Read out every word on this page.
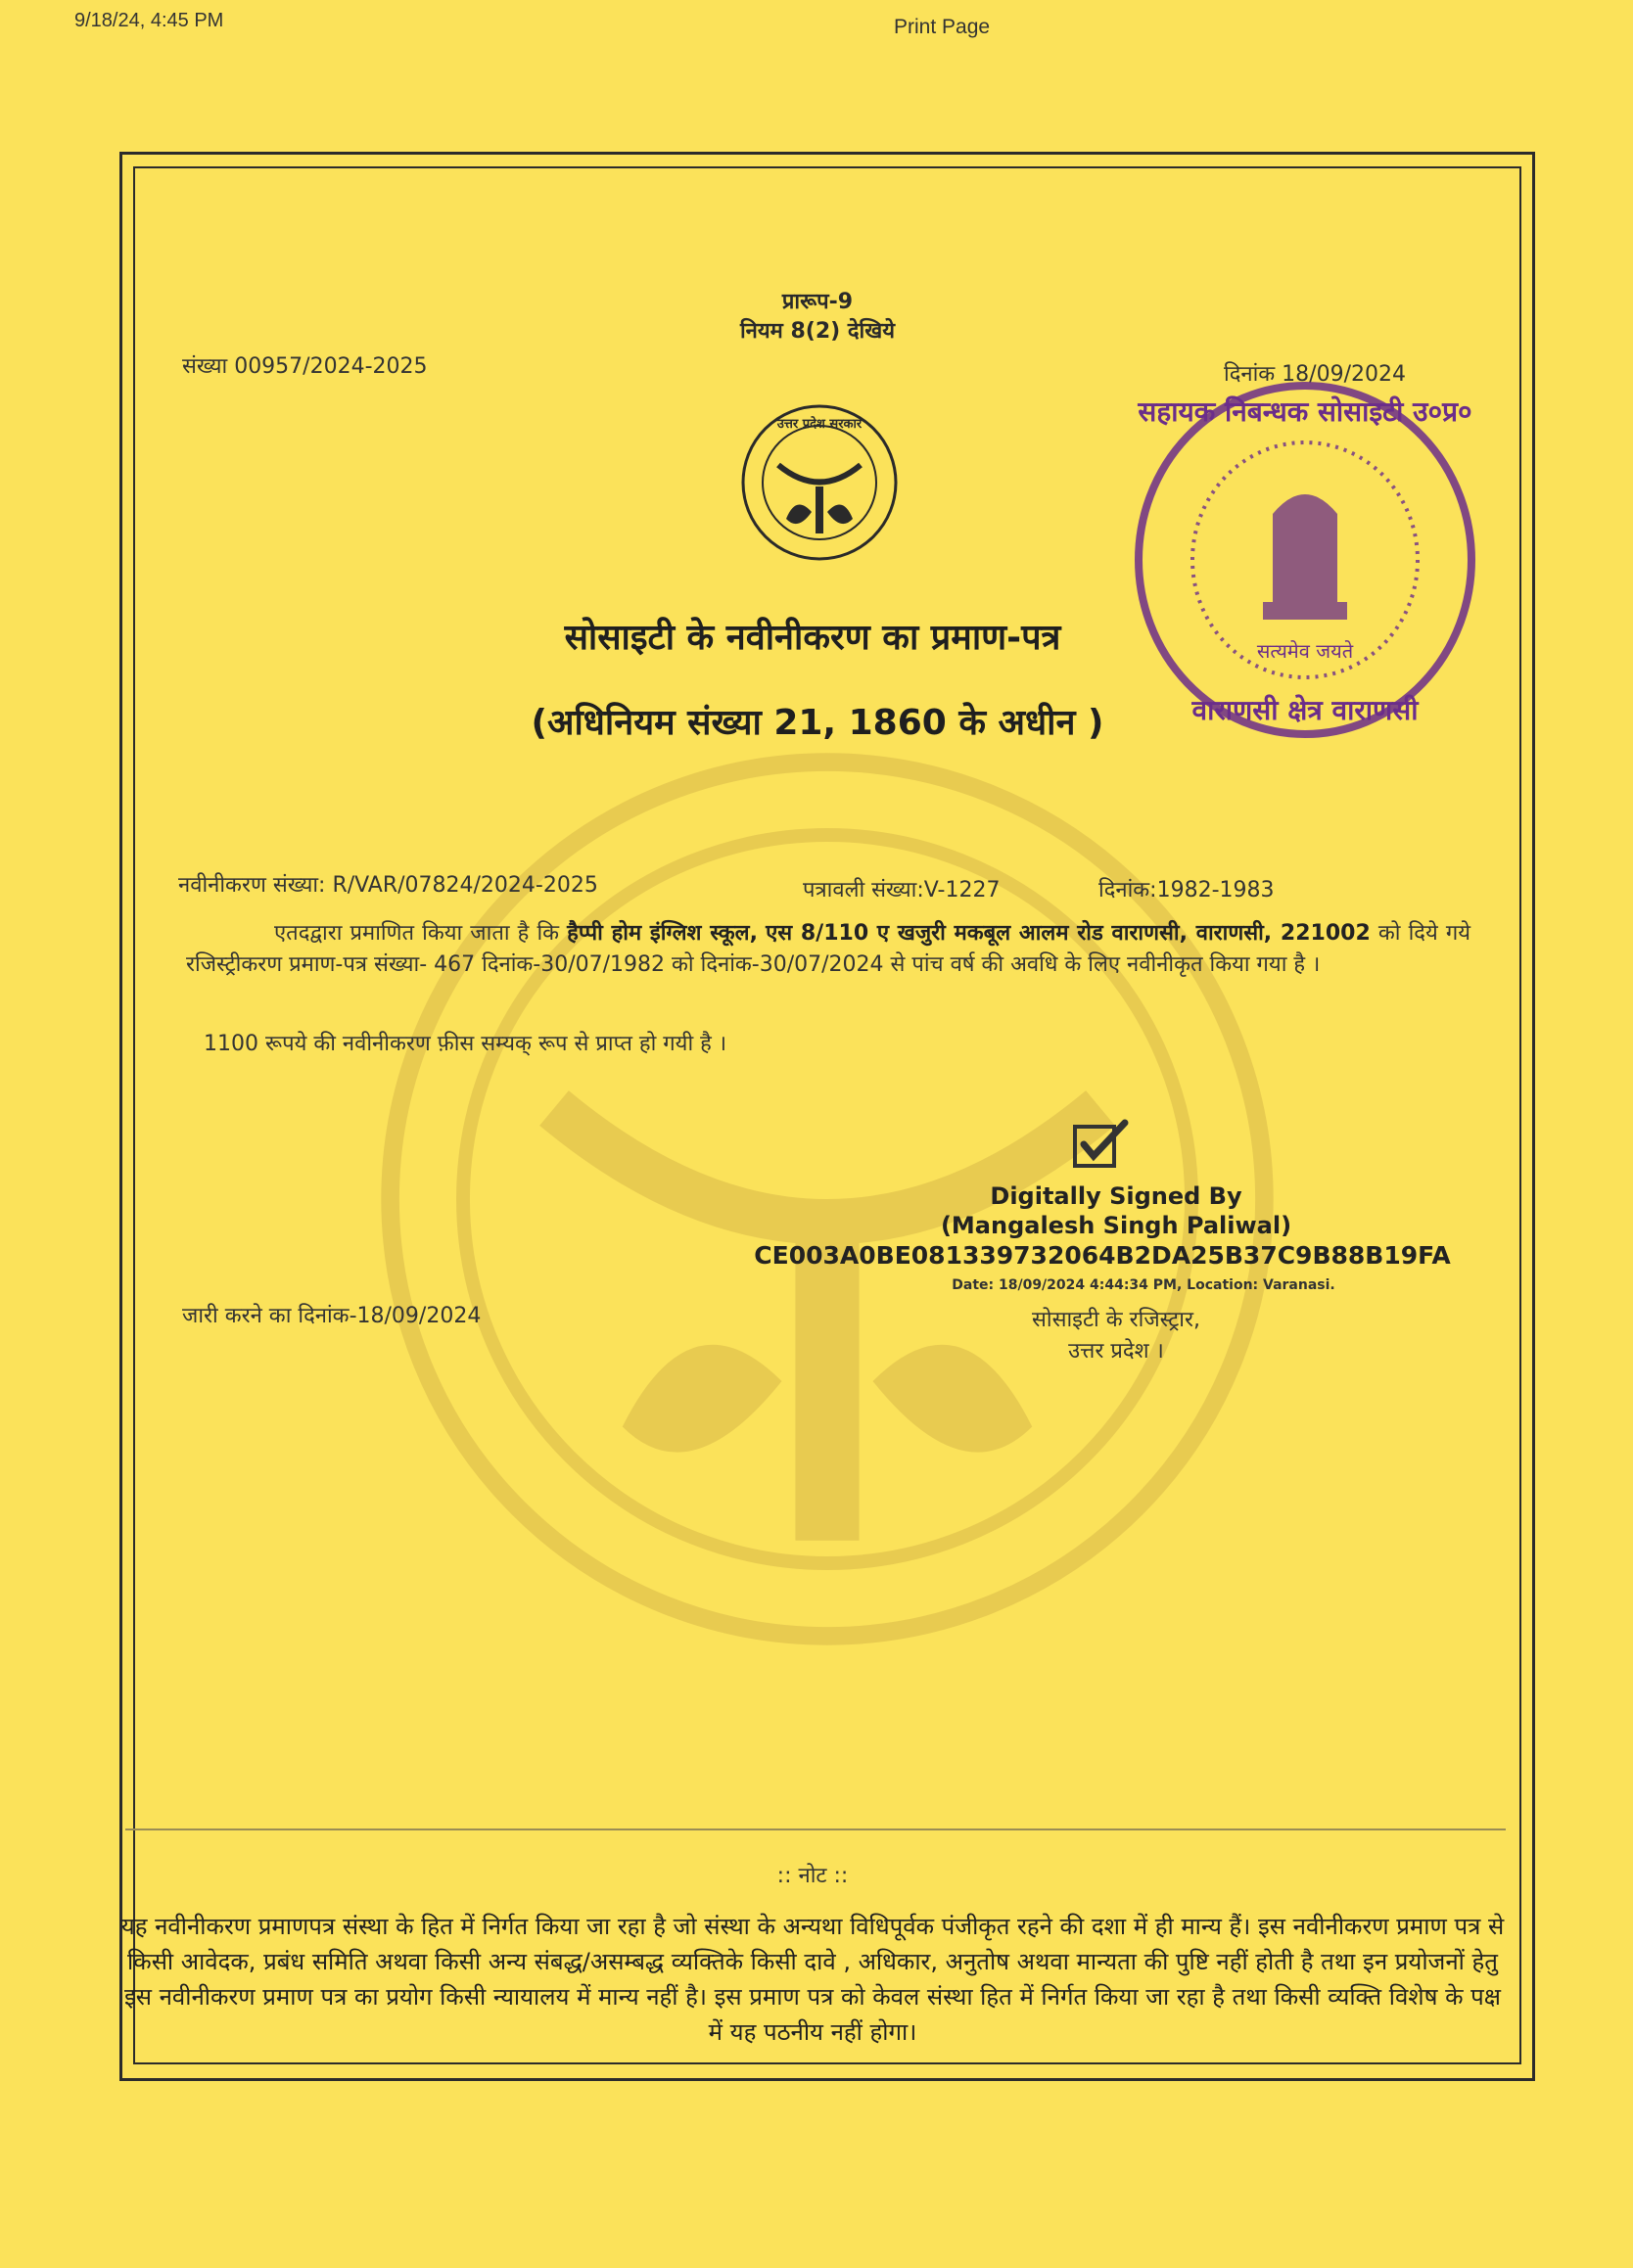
9/18/24, 4:45 PM	Print Page
प्रारूप-9
नियम 8(2) देखिये
संख्या 00957/2024-2025	दिनांक 18/09/2024
उत्तर प्रदेश सरकार
सत्यमेव जयते
सहायक निबन्धक सोसाइटी उ०प्र०
वाराणसी क्षेत्र वाराणसी
सोसाइटी के नवीनीकरण का प्रमाण-पत्र
(अधिनियम संख्या 21, 1860 के अधीन )
नवीनीकरण संख्या: R/VAR/07824/2024-2025	पत्रावली संख्या:V-1227	दिनांक:1982-1983
एतदद्वारा प्रमाणित किया जाता है कि हैप्पी होम इंग्लिश स्कूल, एस 8/110 ए खजुरी मकबूल आलम रोड वाराणसी, वाराणसी, 221002 को दिये गये रजिस्ट्रीकरण प्रमाण-पत्र संख्या- 467 दिनांक-30/07/1982 को दिनांक-30/07/2024 से पांच वर्ष की अवधि के लिए नवीनीकृत किया गया है ।
1100 रूपये की नवीनीकरण फ़ीस सम्यक् रूप से प्राप्त हो गयी है ।
Digitally Signed By
(Mangalesh Singh Paliwal)
CE003A0BE081339732064B2DA25B37C9B88B19FA
Date: 18/09/2024 4:44:34 PM, Location: Varanasi.
सोसाइटी के रजिस्ट्रार,
उत्तर प्रदेश ।
जारी करने का दिनांक-18/09/2024
:: नोट ::
यह नवीनीकरण प्रमाणपत्र संस्था के हित में निर्गत किया जा रहा है जो संस्था के अन्यथा विधिपूर्वक पंजीकृत रहने की दशा में ही मान्य हैं। इस नवीनीकरण प्रमाण पत्र से किसी आवेदक, प्रबंध समिति अथवा किसी अन्य संबद्ध/असम्बद्ध व्यक्तिके किसी दावे , अधिकार, अनुतोष अथवा मान्यता की पुष्टि नहीं होती है तथा इन प्रयोजनों हेतु इस नवीनीकरण प्रमाण पत्र का प्रयोग किसी न्यायालय में मान्य नहीं है। इस प्रमाण पत्र को केवल संस्था हित में निर्गत किया जा रहा है तथा किसी व्यक्ति विशेष के पक्ष में यह पठनीय नहीं होगा।
